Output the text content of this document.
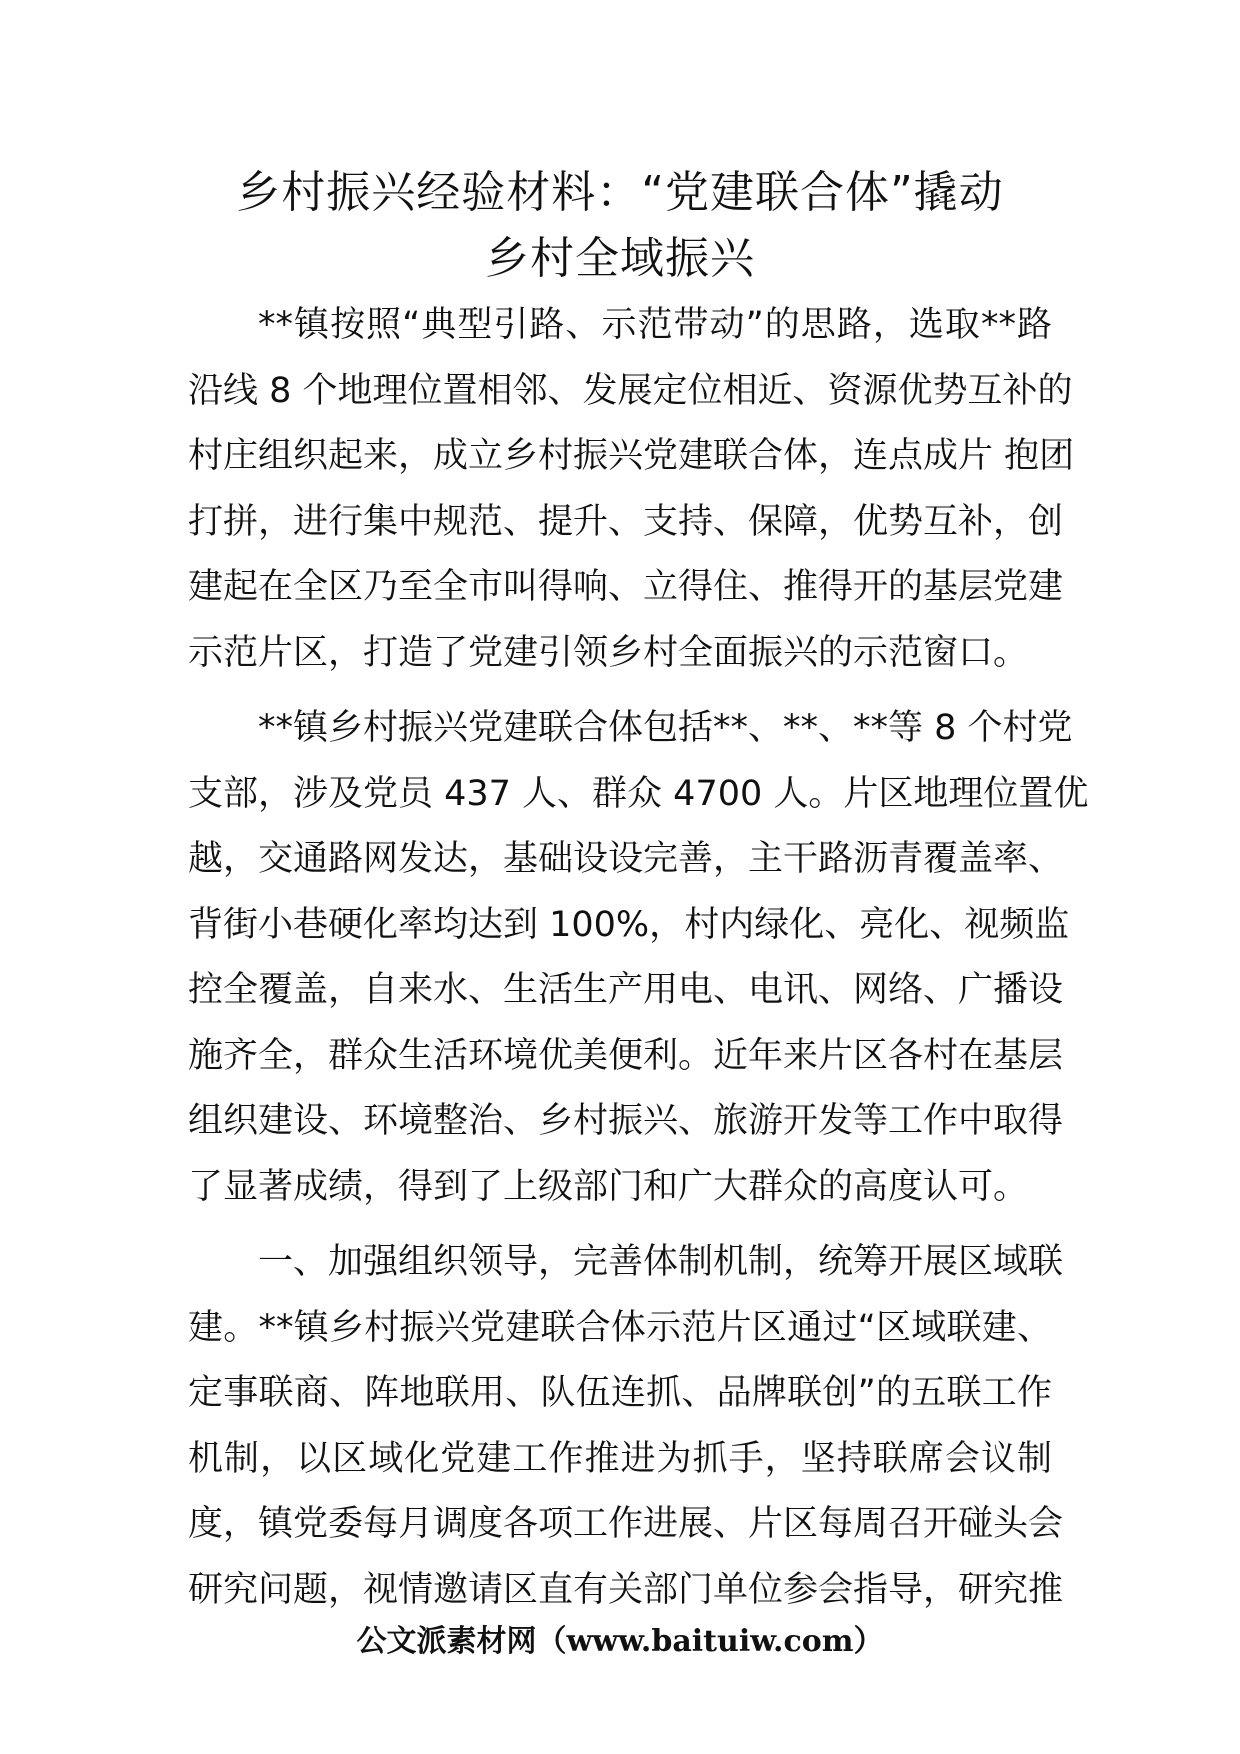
乡村振兴经验材料：“党建联合体”撬动
乡村全域振兴
**镇按照“典型引路、示范带动”的思路，选取**路
沿线 8 个地理位置相邻、发展定位相近、资源优势互补的
村庄组织起来，成立乡村振兴党建联合体，连点成片 抱团
打拼，进行集中规范、提升、支持、保障，优势互补，创
建起在全区乃至全市叫得响、立得住、推得开的基层党建
示范片区，打造了党建引领乡村全面振兴的示范窗口。
**镇乡村振兴党建联合体包括**、**、**等 8 个村党
支部，涉及党员 437 人、群众 4700 人。片区地理位置优
越，交通路网发达，基础设设完善，主干路沥青覆盖率、
背街小巷硬化率均达到 100%，村内绿化、亮化、视频监
控全覆盖，自来水、生活生产用电、电讯、网络、广播设
施齐全，群众生活环境优美便利。近年来片区各村在基层
组织建设、环境整治、乡村振兴、旅游开发等工作中取得
了显著成绩，得到了上级部门和广大群众的高度认可。
一、加强组织领导，完善体制机制，统筹开展区域联
建。**镇乡村振兴党建联合体示范片区通过“区域联建、
定事联商、阵地联用、队伍连抓、品牌联创”的五联工作
机制，以区域化党建工作推进为抓手，坚持联席会议制
度，镇党委每月调度各项工作进展、片区每周召开碰头会
研究问题，视情邀请区直有关部门单位参会指导，研究推
公文派素材网（www.baituiw.com）
